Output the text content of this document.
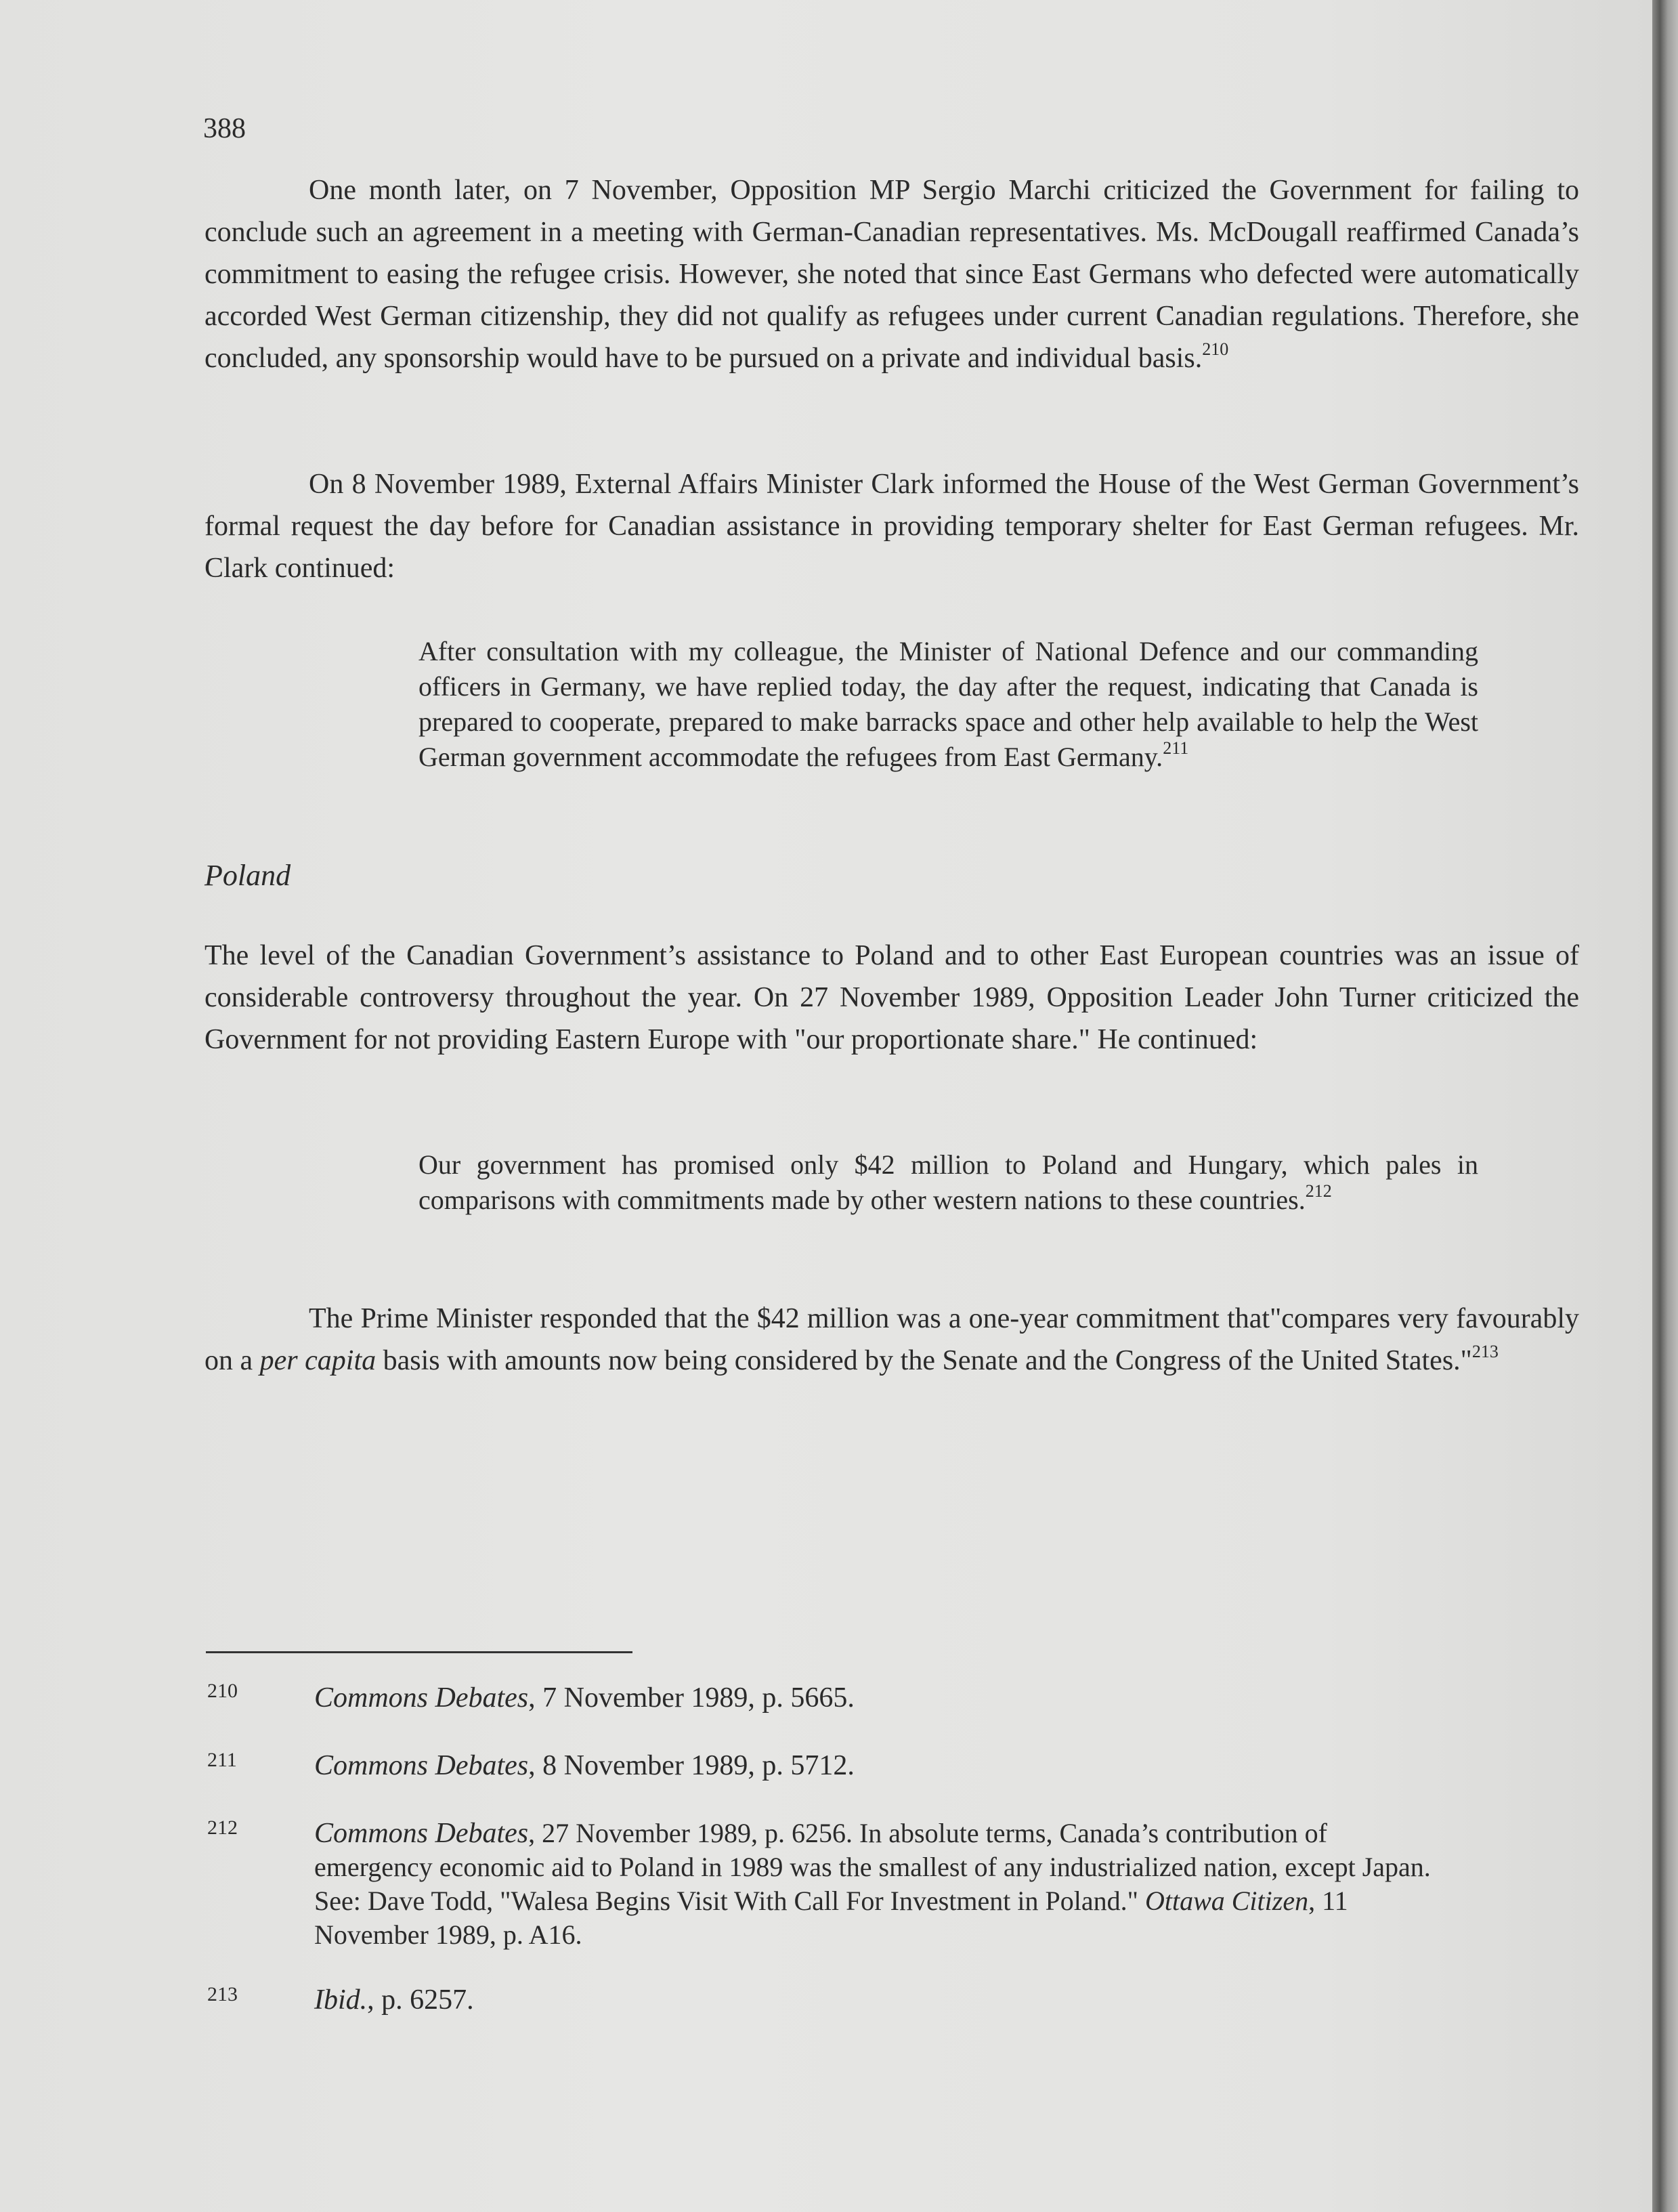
388

One month later, on 7 November, Opposition MP Sergio Marchi criticized the Government for failing to conclude such an agreement in a meeting with German-Canadian representatives. Ms. McDougall reaffirmed Canada’s commitment to easing the refugee crisis. However, she noted that since East Germans who defected were automatically accorded West German citizenship, they did not qualify as refugees under current Canadian regulations. Therefore, she concluded, any sponsorship would have to be pursued on a private and individual basis.$^{210}$

On 8 November 1989, External Affairs Minister Clark informed the House of the West German Government’s formal request the day before for Canadian assistance in providing temporary shelter for East German refugees. Mr. Clark continued:

After consultation with my colleague, the Minister of National Defence and our commanding officers in Germany, we have replied today, the day after the request, indicating that Canada is prepared to cooperate, prepared to make barracks space and other help available to help the West German government accommodate the refugees from East Germany.$^{211}$

Poland

The level of the Canadian Government’s assistance to Poland and to other East European countries was an issue of considerable controversy throughout the year. On 27 November 1989, Opposition Leader John Turner criticized the Government for not providing Eastern Europe with "our proportionate share." He continued:

Our government has promised only $42 million to Poland and Hungary, which pales in comparisons with commitments made by other western nations to these countries.$^{212}$

The Prime Minister responded that the $42 million was a one-year commitment that"compares very favourably on a per capita basis with amounts now being considered by the Senate and the Congress of the United States."$^{213}$

210	Commons Debates, 7 November 1989, p. 5665.

211	Commons Debates, 8 November 1989, p. 5712.

212	Commons Debates, 27 November 1989, p. 6256. In absolute terms, Canada’s contribution of emergency economic aid to Poland in 1989 was the smallest of any industrialized nation, except Japan. See: Dave Todd, "Walesa Begins Visit With Call For Investment in Poland." Ottawa Citizen, 11 November 1989, p. A16.

213	Ibid., p. 6257.
